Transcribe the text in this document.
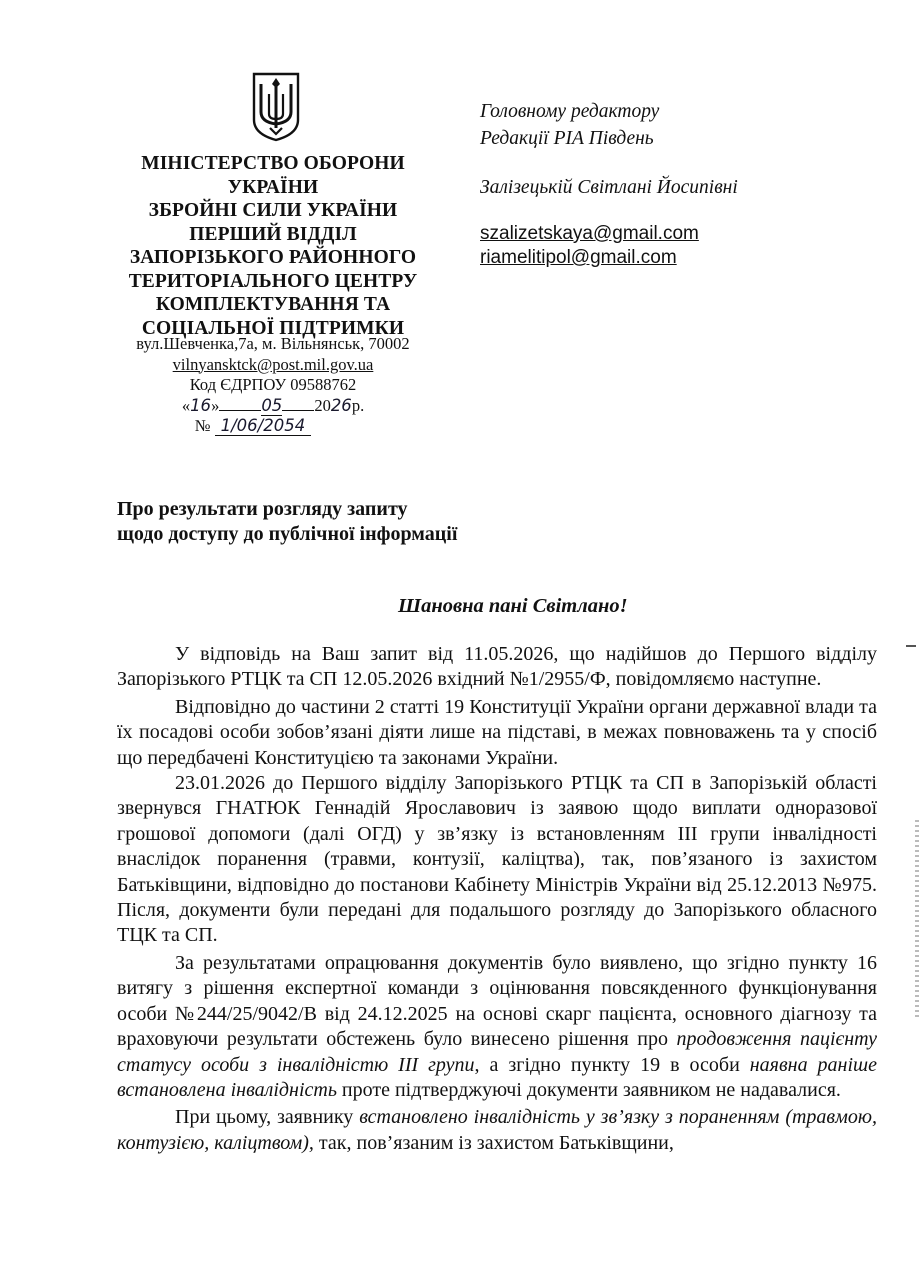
МІНІСТЕРСТВО ОБОРОНИ
УКРАЇНИ
ЗБРОЙНІ СИЛИ УКРАЇНИ
ПЕРШИЙ ВІДДІЛ
ЗАПОРІЗЬКОГО РАЙОННОГО
ТЕРИТОРІАЛЬНОГО ЦЕНТРУ
КОМПЛЕКТУВАННЯ ТА
СОЦІАЛЬНОЇ ПІДТРИМКИ
вул.Шевченка,7а, м. Вільнянськ, 70002
vilnyansktck@post.mil.gov.ua
Код ЄДРПОУ 09588762
«16»	05 2026р.
№ 1/06/2054
Головному редактору
Редакції РІА Південь
Залізецькій Світлані Йосипівні
szalizetskaya@gmail.com
riamelitipol@gmail.com
Про результати розгляду запиту
щодо доступу до публічної інформації
Шановна пані Світлано!

У відповідь на Ваш запит від 11.05.2026, що надійшов до Першого відділу Запорізького РТЦК та СП 12.05.2026 вхідний №1/2955/Ф, повідомляємо наступне.

Відповідно до частини 2 статті 19 Конституції України органи державної влади та їх посадові особи зобов’язані діяти лише на підставі, в межах повноважень та у спосіб що передбачені Конституцією та законами України.

23.01.2026 до Першого відділу Запорізького РТЦК та СП в Запорізькій області звернувся ГНАТЮК Геннадій Ярославович із заявою щодо виплати одноразової грошової допомоги (далі ОГД) у зв’язку із встановленням ІІІ групи інвалідності внаслідок поранення (травми, контузії, каліцтва), так, пов’язаного із захистом Батьківщини, відповідно до постанови Кабінету Міністрів України від 25.12.2013 №975. Після, документи були передані для подальшого розгляду до Запорізького обласного ТЦК та СП.

За результатами опрацювання документів було виявлено, що згідно пункту 16 витягу з рішення експертної команди з оцінювання повсякденного функціонування особи №244/25/9042/В від 24.12.2025 на основі скарг пацієнта, основного діагнозу та враховуючи результати обстежень було винесено рішення про продовження пацієнту статусу особи з інвалідністю ІІІ групи, а згідно пункту 19 в особи наявна раніше встановлена інвалідність проте підтверджуючі документи заявником не надавалися.

При цьому, заявнику встановлено інвалідність у зв’язку з пораненням (травмою, контузією, каліцтвом), так, пов’язаним із захистом Батьківщини,
